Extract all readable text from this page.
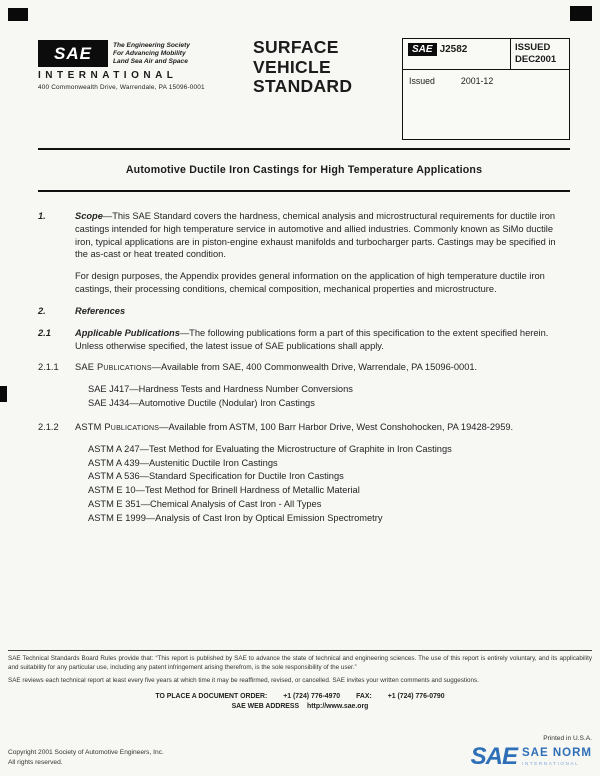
SAE	The Engineering Society
For Advancing Mobility
Land Sea Air and Space
INTERNATIONAL
400 Commonwealth Drive, Warrendale, PA 15096-0001
SURFACE
VEHICLE
STANDARD
SAE J2582	ISSUED
DEC2001
Issued	2001-12
Automotive Ductile Iron Castings for High Temperature Applications
1.	Scope—This SAE Standard covers the hardness, chemical analysis and microstructural requirements for ductile iron castings intended for high temperature service in automotive and allied industries. Commonly known as SiMo ductile iron, typical applications are in piston-engine exhaust manifolds and turbocharger parts. Castings may be specified in the as-cast or heat treated condition.
For design purposes, the Appendix provides general information on the application of high temperature ductile iron castings, their processing conditions, chemical composition, mechanical properties and microstructure.
2.	References
2.1	Applicable Publications—The following publications form a part of this specification to the extent specified herein. Unless otherwise specified, the latest issue of SAE publications shall apply.
2.1.1	SAE Publications—Available from SAE, 400 Commonwealth Drive, Warrendale, PA 15096-0001.
SAE J417—Hardness Tests and Hardness Number Conversions
SAE J434—Automotive Ductile (Nodular) Iron Castings
2.1.2	ASTM Publications—Available from ASTM, 100 Barr Harbor Drive, West Conshohocken, PA 19428-2959.
ASTM A 247—Test Method for Evaluating the Microstructure of Graphite in Iron Castings
ASTM A 439—Austenitic Ductile Iron Castings
ASTM A 536—Standard Specification for Ductile Iron Castings
ASTM E 10—Test Method for Brinell Hardness of Metallic Material
ASTM E 351—Chemical Analysis of Cast Iron - All Types
ASTM E 1999—Analysis of Cast Iron by Optical Emission Spectrometry
SAE Technical Standards Board Rules provide that: “This report is published by SAE to advance the state of technical and engineering sciences. The use of this report is entirely voluntary, and its applicability and suitability for any particular use, including any patent infringement arising therefrom, is the sole responsibility of the user.”
SAE reviews each technical report at least every five years at which time it may be reaffirmed, revised, or cancelled. SAE invites your written comments and suggestions.
TO PLACE A DOCUMENT ORDER: +1 (724) 776-4970 FAX: +1 (724) 776-0790
SAE WEB ADDRESS http://www.sae.org
Copyright 2001 Society of Automotive Engineers, Inc.
All rights reserved.
Printed in U.S.A.
SAE SAE NORM
INTERNATIONAL
